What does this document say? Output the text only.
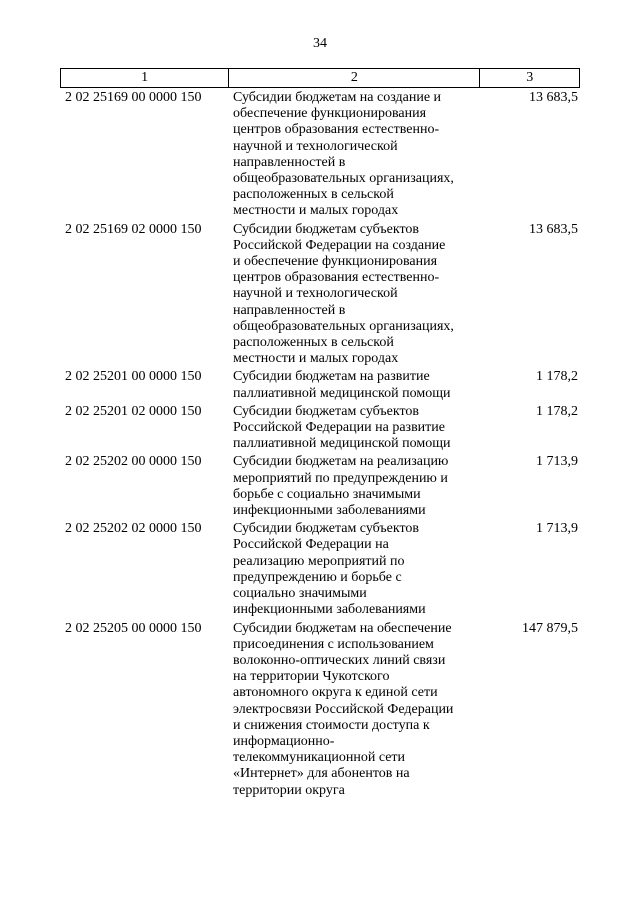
34
1	2	3
2 02 25169 00 0000 150	Субсидии бюджетам на создание и
обеспечение функционирования
центров образования естественно-
научной и технологической
направленностей в
общеобразовательных организациях,
расположенных в сельской
местности и малых городах
13 683,5
2 02 25169 02 0000 150	Субсидии бюджетам субъектов
Российской Федерации на создание
и обеспечение функционирования
центров образования естественно-
научной и технологической
направленностей в
общеобразовательных организациях,
расположенных в сельской
местности и малых городах
13 683,5
2 02 25201 00 0000 150	Субсидии бюджетам на развитие
паллиативной медицинской помощи
1 178,2
2 02 25201 02 0000 150	Субсидии бюджетам субъектов
Российской Федерации на развитие
паллиативной медицинской помощи
1 178,2
2 02 25202 00 0000 150	Субсидии бюджетам на реализацию
мероприятий по предупреждению и
борьбе с социально значимыми
инфекционными заболеваниями
1 713,9
2 02 25202 02 0000 150	Субсидии бюджетам субъектов
Российской Федерации на
реализацию мероприятий по
предупреждению и борьбе с
социально значимыми
инфекционными заболеваниями
1 713,9
2 02 25205 00 0000 150	Субсидии бюджетам на обеспечение
присоединения с использованием
волоконно-оптических линий связи
на территории Чукотского
автономного округа к единой сети
электросвязи Российской Федерации
и снижения стоимости доступа к
информационно-
телекоммуникационной сети
«Интернет» для абонентов на
территории округа
147 879,5
